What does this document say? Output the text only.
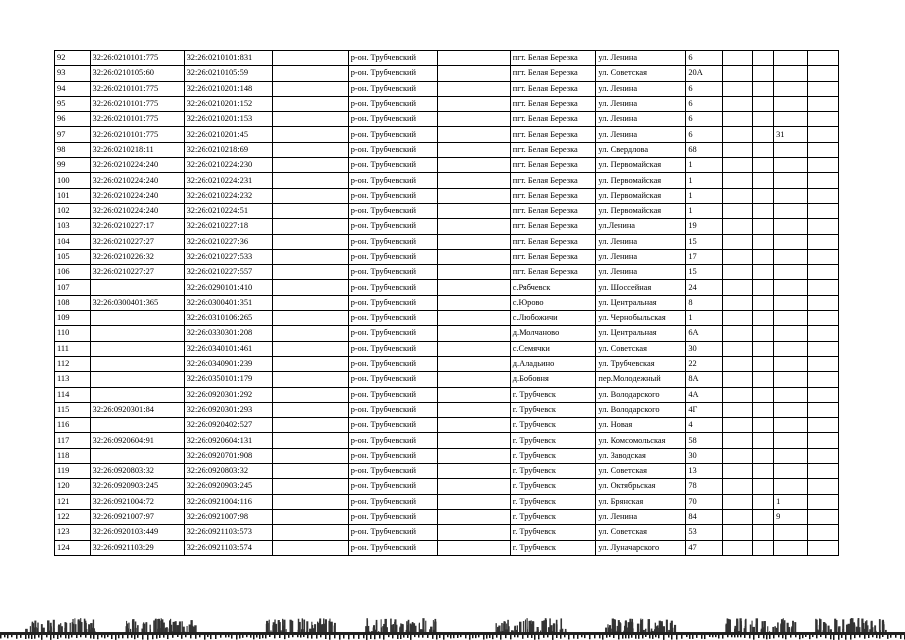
92	32:26:0210101:775	32:26:0210101:831		р-он. Трубчевский		пгт. Белая Березка	ул. Ленина	6				
93	32:26:0210105:60	32:26:0210105:59		р-он. Трубчевский		пгт. Белая Березка	ул. Советская	20А				
94	32:26:0210101:775	32:26:0210201:148		р-он. Трубчевский		пгт. Белая Березка	ул. Ленина	6				
95	32:26:0210101:775	32:26:0210201:152		р-он. Трубчевский		пгт. Белая Березка	ул. Ленина	6				
96	32:26:0210101:775	32:26:0210201:153		р-он. Трубчевский		пгт. Белая Березка	ул. Ленина	6				
97	32:26:0210101:775	32:26:0210201:45		р-он. Трубчевский		пгт. Белая Березка	ул. Ленина	6			31	
98	32:26:0210218:11	32:26:0210218:69		р-он. Трубчевский		пгт. Белая Березка	ул. Свердлова	68				
99	32:26:0210224:240	32:26:0210224:230		р-он. Трубчевский		пгт. Белая Березка	ул. Первомайская	1				
100	32:26:0210224:240	32:26:0210224:231		р-он. Трубчевский		пгт. Белая Березка	ул. Первомайская	1				
101	32:26:0210224:240	32:26:0210224:232		р-он. Трубчевский		пгт. Белая Березка	ул. Первомайская	1				
102	32:26:0210224:240	32:26:0210224:51		р-он. Трубчевский		пгт. Белая Березка	ул. Первомайская	1				
103	32:26:0210227:17	32:26:0210227:18		р-он. Трубчевский		пгт. Белая Березка	ул.Ленина	19				
104	32:26:0210227:27	32:26:0210227:36		р-он. Трубчевский		пгт. Белая Березка	ул. Ленина	15				
105	32:26:0210226:32	32:26:0210227:533		р-он. Трубчевский		пгт. Белая Березка	ул. Ленина	17				
106	32:26:0210227:27	32:26:0210227:557		р-он. Трубчевский		пгт. Белая Березка	ул. Ленина	15				
107		32:26:0290101:410		р-он. Трубчевский		с.Рябчевск	ул. Шоссейная	24				
108	32:26:0300401:365	32:26:0300401:351		р-он. Трубчевский		с.Юрово	ул. Центральная	8				
109		32:26:0310106:265		р-он. Трубчевский		с.Любожичи	ул. Чернобыльская	1				
110		32:26:0330301:208		р-он. Трубчевский		д.Молчаново	ул. Центральная	6А				
111		32:26:0340101:461		р-он. Трубчевский		с.Семячки	ул. Советская	30				
112		32:26:0340901:239		р-он. Трубчевский		д.Аладьино	ул. Трубчевская	22				
113		32:26:0350101:179		р-он. Трубчевский		д.Бобовня	пер.Молодежный	8А				
114		32:26:0920301:292		р-он. Трубчевский		г. Трубчевск	ул. Володарского	4А				
115	32:26:0920301:84	32:26:0920301:293		р-он. Трубчевский		г. Трубчевск	ул. Володарского	4Г				
116		32:26:0920402:527		р-он. Трубчевский		г. Трубчевск	ул. Новая	4				
117	32:26:0920604:91	32:26:0920604:131		р-он. Трубчевский		г. Трубчевск	ул. Комсомольская	58				
118		32:26:0920701:908		р-он. Трубчевский		г. Трубчевск	ул. Заводская	30				
119	32:26:0920803:32	32:26:0920803:32		р-он. Трубчевский		г. Трубчевск	ул. Советская	13				
120	32:26:0920903:245	32:26:0920903:245		р-он. Трубчевский		г. Трубчевск	ул. Октябрьская	78				
121	32:26:0921004:72	32:26:0921004:116		р-он. Трубчевский		г. Трубчевск	ул. Брянская	70			1	
122	32:26:0921007:97	32:26:0921007:98		р-он. Трубчевский		г. Трубчевск	ул. Ленина	84			9	
123	32:26:0920103:449	32:26:0921103:573		р-он. Трубчевский		г. Трубчевск	ул. Советская	53				
124	32:26:0921103:29	32:26:0921103:574		р-он. Трубчевский		г. Трубчевск	ул. Луначарского	47				
